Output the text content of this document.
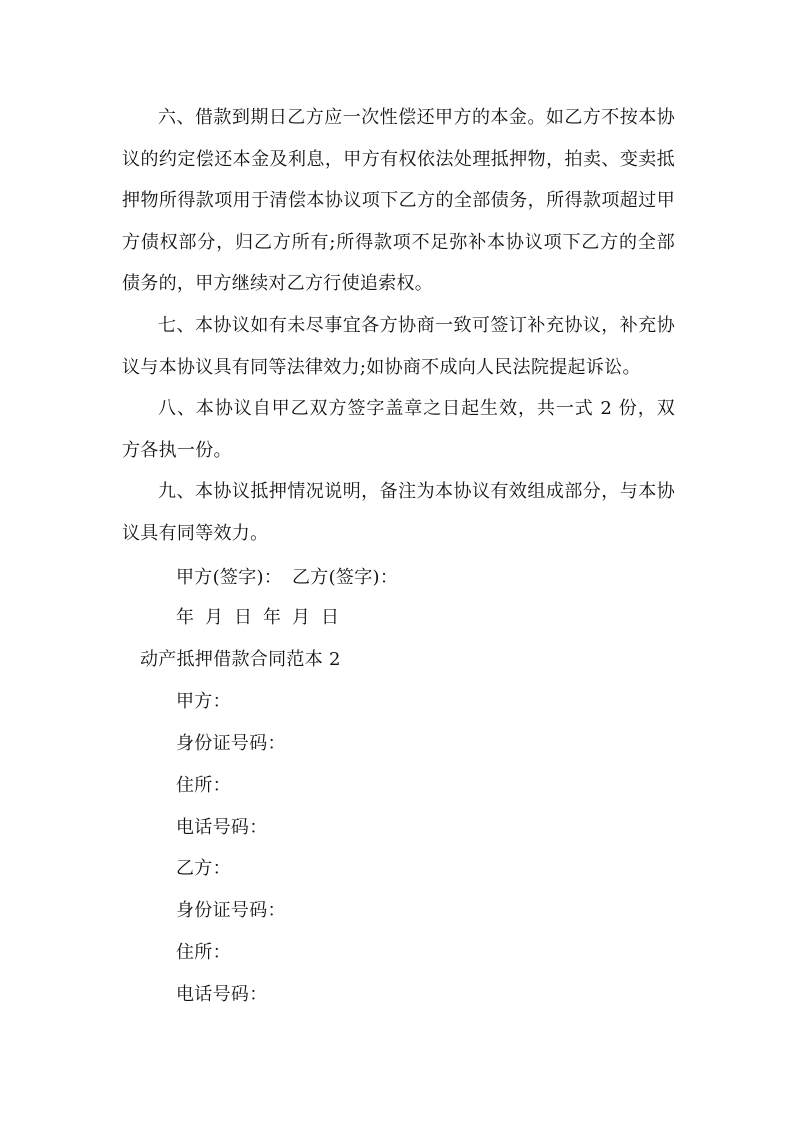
六、借款到期日乙方应一次性偿还甲方的本金。如乙方不按本协议的约定偿还本金及利息，甲方有权依法处理抵押物，拍卖、变卖抵押物所得款项用于清偿本协议项下乙方的全部债务，所得款项超过甲方债权部分，归乙方所有;所得款项不足弥补本协议项下乙方的全部债务的，甲方继续对乙方行使追索权。

七、本协议如有未尽事宜各方协商一致可签订补充协议，补充协议与本协议具有同等法律效力;如协商不成向人民法院提起诉讼。

八、本协议自甲乙双方签字盖章之日起生效，共一式 2 份，双方各执一份。

九、本协议抵押情况说明，备注为本协议有效组成部分，与本协议具有同等效力。

甲方(签字)： 乙方(签字)：

年 月 日 年 月 日

动产抵押借款合同范本 2

甲方：

身份证号码：

住所：

电话号码：

乙方：

身份证号码：

住所：

电话号码：
